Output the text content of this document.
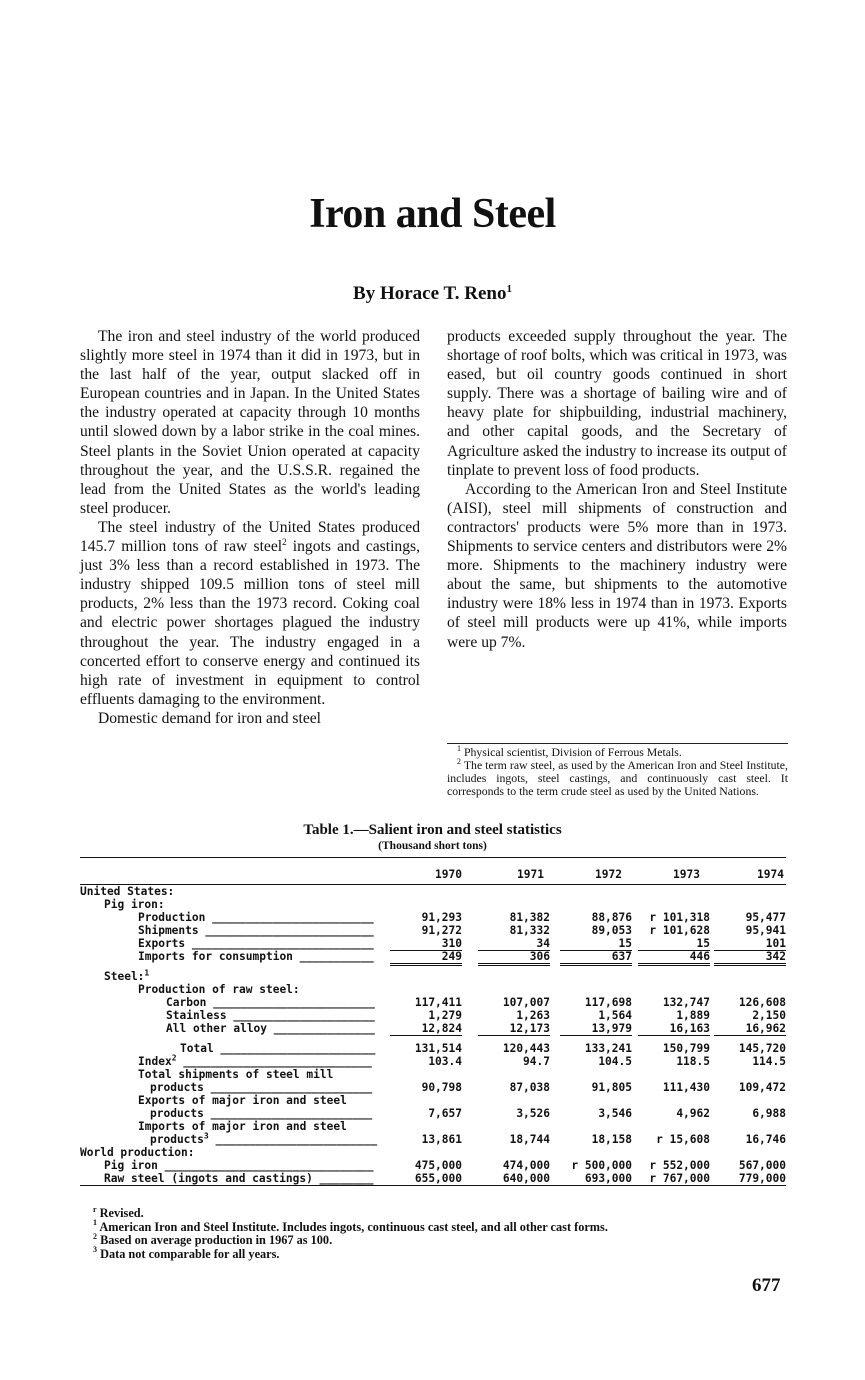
Iron and Steel
By Horace T. Reno$^1$

The iron and steel industry of the world produced slightly more steel in 1974 than it did in 1973, but in the last half of the year, output slacked off in European countries and in Japan. In the United States the industry operated at capacity through 10 months until slowed down by a labor strike in the coal mines. Steel plants in the Soviet Union operated at capacity throughout the year, and the U.S.S.R. regained the lead from the United States as the world's leading steel producer.

The steel industry of the United States produced 145.7 million tons of raw steel$^2$ ingots and castings, just 3% less than a record established in 1973. The industry shipped 109.5 million tons of steel mill products, 2% less than the 1973 record. Coking coal and electric power shortages plagued the industry throughout the year. The industry engaged in a concerted effort to conserve energy and continued its high rate of investment in equipment to control effluents damaging to the environment.

Domestic demand for iron and steel

products exceeded supply throughout the year. The shortage of roof bolts, which was critical in 1973, was eased, but oil country goods continued in short supply. There was a shortage of bailing wire and of heavy plate for shipbuilding, industrial machinery, and other capital goods, and the Secretary of Agriculture asked the industry to increase its output of tinplate to prevent loss of food products.

According to the American Iron and Steel Institute (AISI), steel mill shipments of construction and contractors' products were 5% more than in 1973. Shipments to service centers and distributors were 2% more. Shipments to the machinery industry were about the same, but shipments to the automotive industry were 18% less in 1974 than in 1973. Exports of steel mill products were up 41%, while imports were up 7%.

$^1$ Physical scientist, Division of Ferrous Metals.

$^2$ The term raw steel, as used by the American Iron and Steel Institute, includes ingots, steel castings, and continuously cast steel. It corresponds to the term crude steel as used by the United Nations.

Table 1.—Salient iron and steel statistics
(Thousand short tons)
1970	1971	1972	1973	1974
United States:
Pig iron:
Production ________________________	91,293	81,382	88,876	r 101,318	95,477
Shipments _________________________	91,272	81,332	89,053	r 101,628	95,941
Exports ___________________________	310	34	15	15	101
Imports for consumption ___________	249	306	637	446	342
Steel:$^1$
Production of raw steel:
Carbon ________________________	117,411	107,007	117,698	132,747	126,608
Stainless _____________________	1,279	1,263	1,564	1,889	2,150
All other alloy _______________	12,824	12,173	13,979	16,163	16,962
Total _______________________	131,514	120,443	133,241	150,799	145,720
Index$^2$ ____________________________	103.4	94.7	104.5	118.5	114.5
Total shipments of steel mill
products ________________________	90,798	87,038	91,805	111,430	109,472
Exports of major iron and steel
products ________________________	7,657	3,526	3,546	4,962	6,988
Imports of major iron and steel
products$^3$ ________________________	13,861	18,744	18,158	r 15,608	16,746
World production:
Pig iron _______________________________	475,000	474,000	r 500,000	r 552,000	567,000
Raw steel (ingots and castings) ________	655,000	640,000	693,000	r 767,000	779,000

$^r$ Revised.

$^1$ American Iron and Steel Institute. Includes ingots, continuous cast steel, and all other cast forms.

$^2$ Based on average production in 1967 as 100.

$^3$ Data not comparable for all years.

677
